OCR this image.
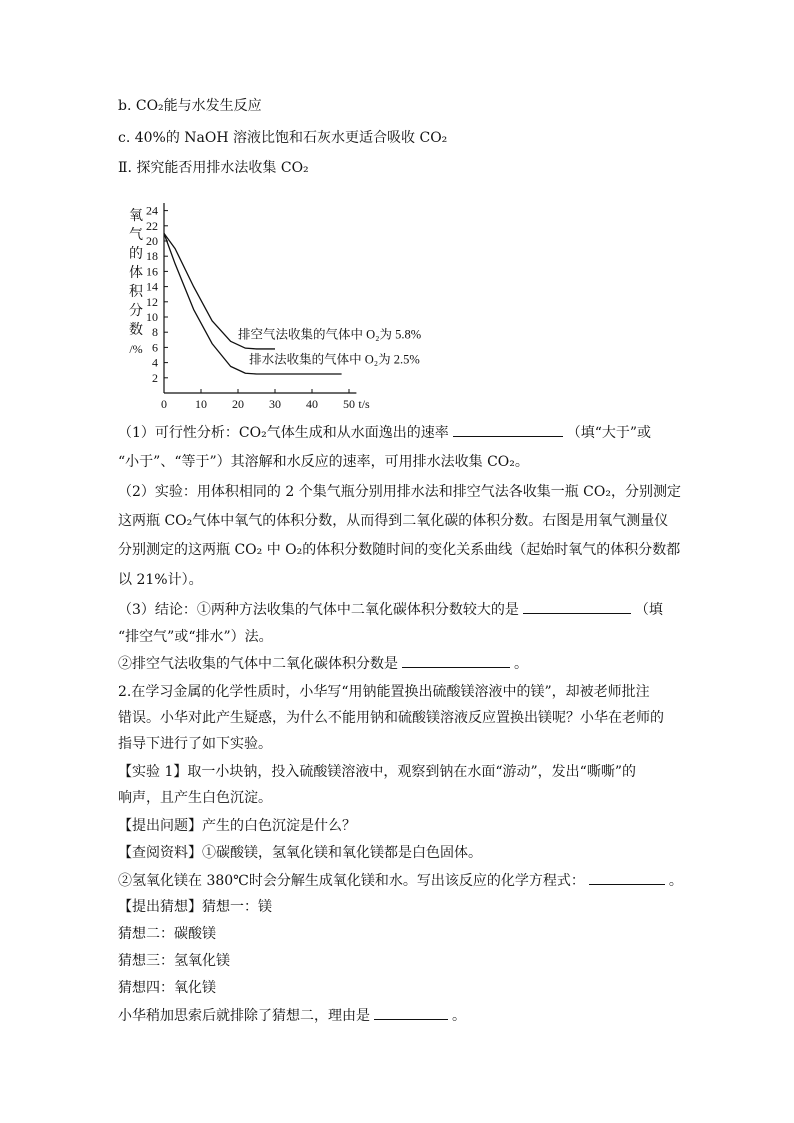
b. CO₂能与水发生反应
c. 40%的 NaOH 溶液比饱和石灰水更适合吸收 CO₂
Ⅱ. 探究能否用排水法收集 CO₂
2
4
6
8
10
12
14
16
18
20
22
24
0 10 20 30 40 50 t/s
氧
气
的
体
积
分
数
/%
排空气法收集的气体中 O₂为 5.8%
排水法收集的气体中 O₂为 2.5%
（1）可行性分析：CO₂气体生成和从水面逸出的速率	（填“大于”或
“小于”、“等于”）其溶解和水反应的速率，可用排水法收集 CO₂。
（2）实验：用体积相同的 2 个集气瓶分别用排水法和排空气法各收集一瓶 CO₂，分别测定
这两瓶 CO₂气体中氧气的体积分数，从而得到二氧化碳的体积分数。右图是用氧气测量仪
分别测定的这两瓶 CO₂ 中 O₂的体积分数随时间的变化关系曲线（起始时氧气的体积分数都
以 21%计）。
（3）结论：①两种方法收集的气体中二氧化碳体积分数较大的是	（填
“排空气”或“排水”）法。
②排空气法收集的气体中二氧化碳体积分数是	。
2.在学习金属的化学性质时，小华写“用钠能置换出硫酸镁溶液中的镁”，却被老师批注
错误。小华对此产生疑惑，为什么不能用钠和硫酸镁溶液反应置换出镁呢？小华在老师的
指导下进行了如下实验。
【实验 1】取一小块钠，投入硫酸镁溶液中，观察到钠在水面“游动”，发出“嘶嘶”的
响声，且产生白色沉淀。
【提出问题】产生的白色沉淀是什么？
【查阅资料】①碳酸镁，氢氧化镁和氧化镁都是白色固体。
②氢氧化镁在 380℃时会分解生成氧化镁和水。写出该反应的化学方程式：	。
【提出猜想】猜想一：镁
猜想二：碳酸镁
猜想三：氢氧化镁
猜想四：氧化镁
小华稍加思索后就排除了猜想二，理由是	。
